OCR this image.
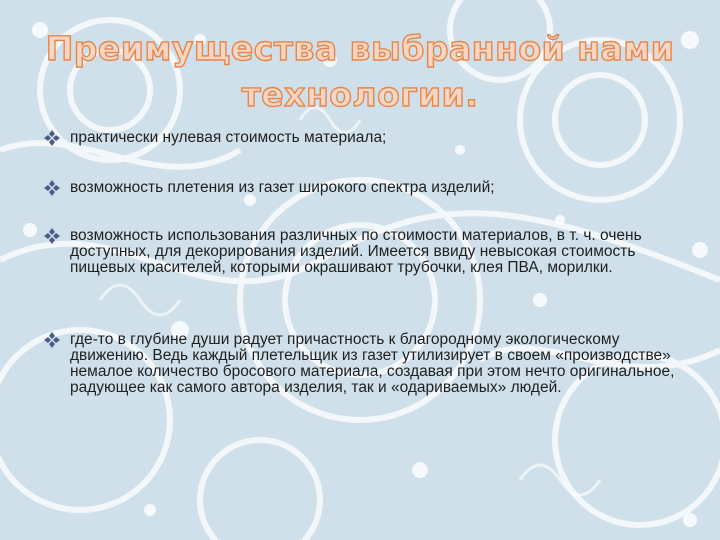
Преимущества выбранной нами технологии.
практически нулевая стоимость материала;
возможность плетения из газет широкого спектра изделий;
возможность использования различных по стоимости материалов, в т. ч. очень доступных, для декорирования изделий. Имеется ввиду невысокая стоимость пищевых красителей, которыми окрашивают трубочки, клея ПВА, морилки.
где-то в глубине души радует причастность к благородному экологическому движению. Ведь каждый плетельщик из газет утилизирует в своем «производстве» немалое количество бросового материала, создавая при этом нечто оригинальное, радующее как самого автора изделия, так и «одариваемых» людей.
